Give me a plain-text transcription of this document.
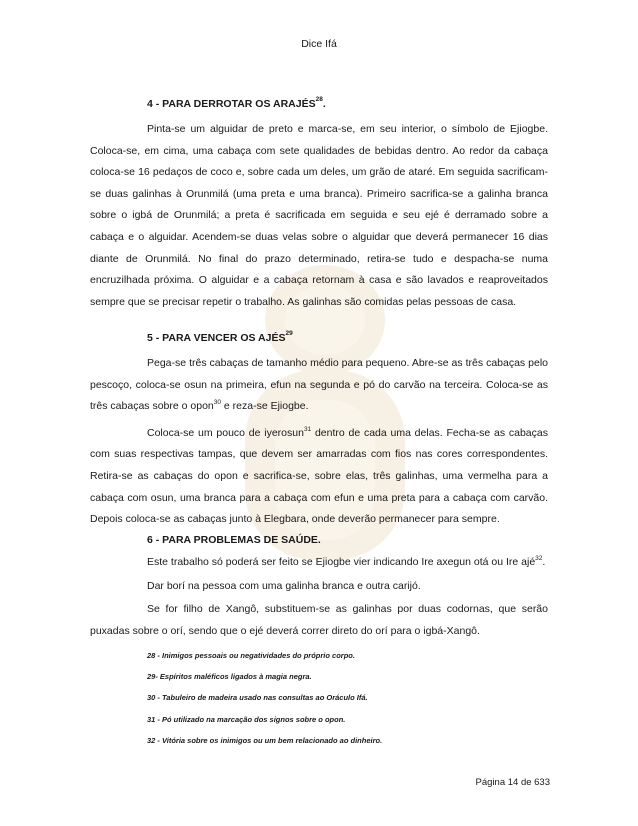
Dice Ifá
4 - PARA DERROTAR OS ARAJÉS$^{28}$.

Pinta-se um alguidar de preto e marca-se, em seu interior, o símbolo de Ejiogbe. Coloca-se, em cima, uma cabaça com sete qualidades de bebidas dentro. Ao redor da cabaça coloca-se 16 pedaços de coco e, sobre cada um deles, um grão de ataré. Em seguida sacrificam-se duas galinhas à Orunmilá (uma preta e uma branca). Primeiro sacrifica-se a galinha branca sobre o igbá de Orunmilá; a preta é sacrificada em seguida e seu ejé é derramado sobre a cabaça e o alguidar. Acendem-se duas velas sobre o alguidar que deverá permanecer 16 dias diante de Orunmilá. No final do prazo determinado, retira-se tudo e despacha-se numa encruzilhada próxima. O alguidar e a cabaça retornam à casa e são lavados e reaproveitados sempre que se precisar repetir o trabalho. As galinhas são comidas pelas pessoas de casa.

5 - PARA VENCER OS AJÉS$^{29}$

Pega-se três cabaças de tamanho médio para pequeno. Abre-se as três cabaças pelo pescoço, coloca-se osun na primeira, efun na segunda e pó do carvão na terceira. Coloca-se as três cabaças sobre o opon$^{30}$ e reza-se Ejiogbe.

Coloca-se um pouco de iyerosun$^{31}$ dentro de cada uma delas. Fecha-se as cabaças com suas respectivas tampas, que devem ser amarradas com fios nas cores correspondentes. Retira-se as cabaças do opon e sacrifica-se, sobre elas, três galinhas, uma vermelha para a cabaça com osun, uma branca para a cabaça com efun e uma preta para a cabaça com carvão. Depois coloca-se as cabaças junto à Elegbara, onde deverão permanecer para sempre.

6 - PARA PROBLEMAS DE SAÚDE.

Este trabalho só poderá ser feito se Ejiogbe vier indicando Ire axegun otá ou Ire ajé$^{32}$.

Dar borí na pessoa com uma galinha branca e outra carijó.

Se for filho de Xangô, substituem-se as galinhas por duas codornas, que serão puxadas sobre o orí, sendo que o ejé deverá correr direto do orí para o igbá-Xangô.

28 - Inimigos pessoais ou negatividades do próprio corpo.
29- Espíritos maléficos ligados à magia negra.
30 - Tabuleiro de madeira usado nas consultas ao Oráculo Ifá.
31 - Pó utilizado na marcação dos signos sobre o opon.
32 - Vitória sobre os inimigos ou um bem relacionado ao dinheiro.
Página 14 de 633
